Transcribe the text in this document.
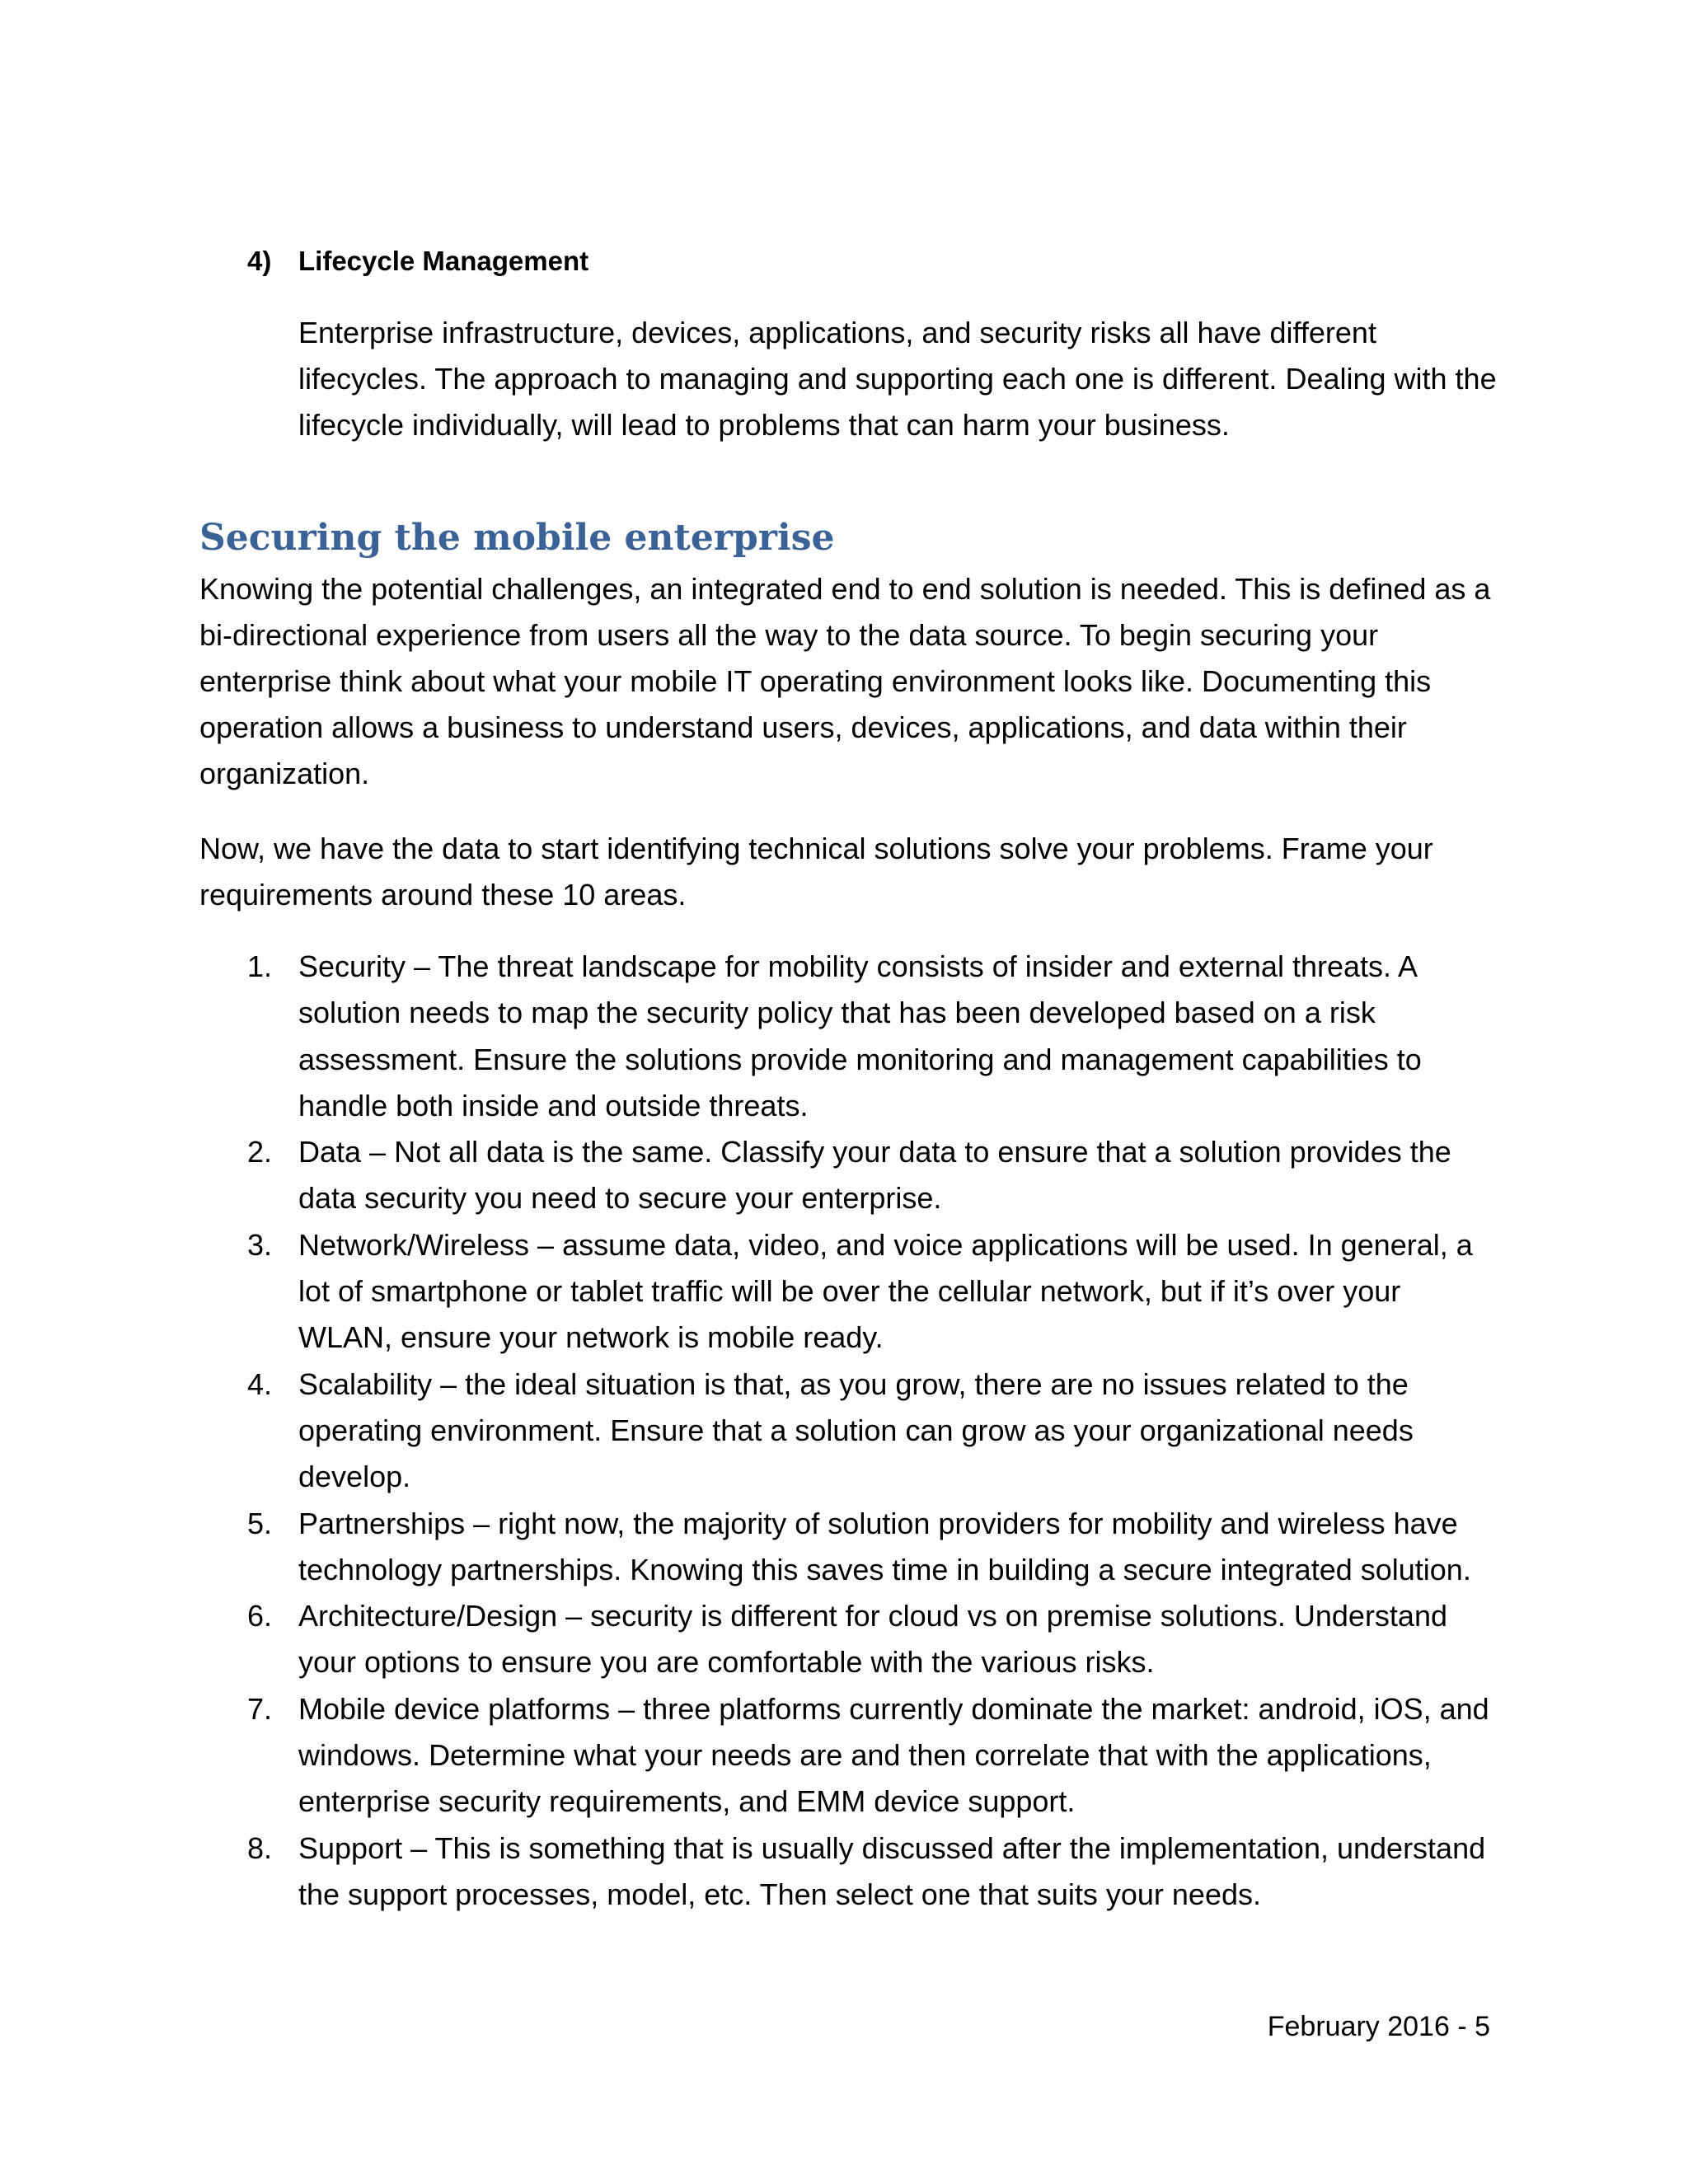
4) Lifecycle Management
Enterprise infrastructure, devices, applications, and security risks all have different lifecycles. The approach to managing and supporting each one is different. Dealing with the lifecycle individually, will lead to problems that can harm your business.
Securing the mobile enterprise
Knowing the potential challenges, an integrated end to end solution is needed. This is defined as a bi-directional experience from users all the way to the data source. To begin securing your enterprise think about what your mobile IT operating environment looks like. Documenting this operation allows a business to understand users, devices, applications, and data within their organization.
Now, we have the data to start identifying technical solutions solve your problems. Frame your requirements around these 10 areas.
1. Security – The threat landscape for mobility consists of insider and external threats. A solution needs to map the security policy that has been developed based on a risk assessment. Ensure the solutions provide monitoring and management capabilities to handle both inside and outside threats.
2. Data – Not all data is the same. Classify your data to ensure that a solution provides the data security you need to secure your enterprise.
3. Network/Wireless – assume data, video, and voice applications will be used. In general, a lot of smartphone or tablet traffic will be over the cellular network, but if it’s over your WLAN, ensure your network is mobile ready.
4. Scalability – the ideal situation is that, as you grow, there are no issues related to the operating environment. Ensure that a solution can grow as your organizational needs develop.
5. Partnerships – right now, the majority of solution providers for mobility and wireless have technology partnerships. Knowing this saves time in building a secure integrated solution.
6. Architecture/Design – security is different for cloud vs on premise solutions. Understand your options to ensure you are comfortable with the various risks.
7. Mobile device platforms – three platforms currently dominate the market: android, iOS, and windows. Determine what your needs are and then correlate that with the applications, enterprise security requirements, and EMM device support.
8. Support – This is something that is usually discussed after the implementation, understand the support processes, model, etc. Then select one that suits your needs.
February 2016 - 5
